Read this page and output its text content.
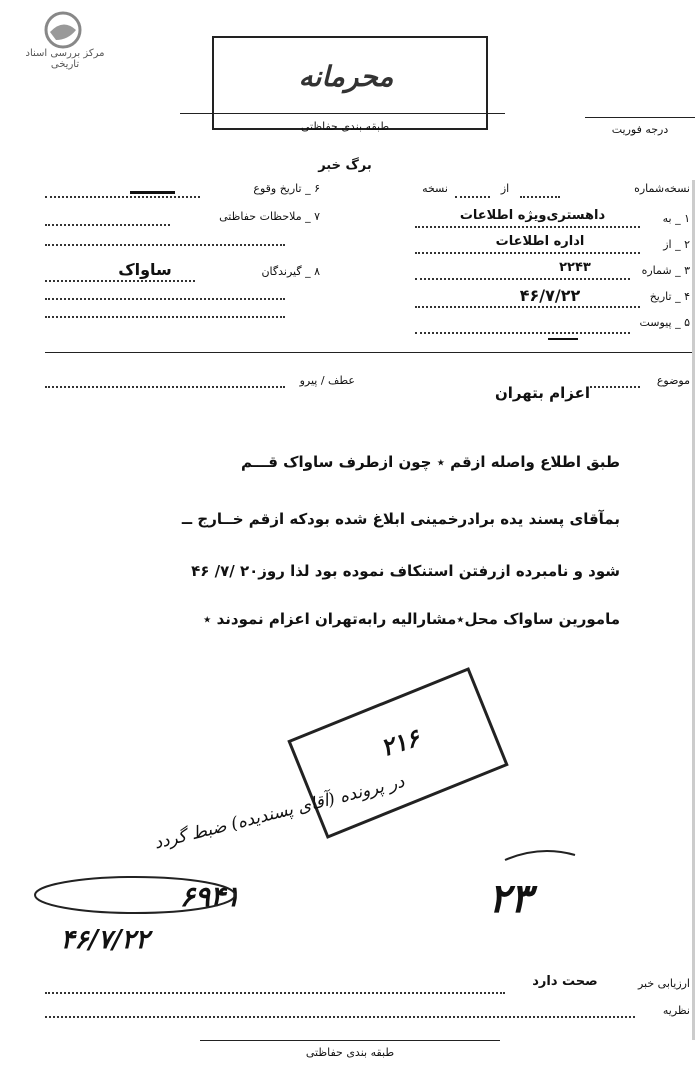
مرکز بررسی اسناد تاریخی	محرمانه
طبقه بندی حفاظتی	درجه فوریت
برگ خبر
نسخه‌شماره
از
نسخه
۱ _ به
د‌اهستری‌ویژه اطلاعات
۲ _ از
اداره اطلاعات
۳ _ شماره
۲۲۴۳
۴ _ تاریخ
۴۶/۷/۲۲
۵ _ پیوست
۶ _ تاریخ وقوع
۷ _ ملاحظات حفاظتی
۸ _ گیرندگان
ساواک
موضوع
اعزام بتهران
عطف / پیرو
طبق اطلاع واصله ازقم ٭ چون ازطرف ساواک قـــم
بمآقای پسند یده برادرخمینی ابلاغ شده بودکه ازقم خــارج ــ
شود و نامبرده ازرفتن استنکاف نموده بود لذا روز۲۰ /۷/ ۴۶
مامورین ساواک محل٭مشارالیه رابه‌تهران اعزام نمودند ٭
۲۱۶
در پرونده (آقای پسندیده) ضبط گردد
۶۹۴۱
۴۶/۷/۲۲
۲۳
ارزیابی خبر
صحت دارد
نظریه
طبقه بندی حفاظتی
